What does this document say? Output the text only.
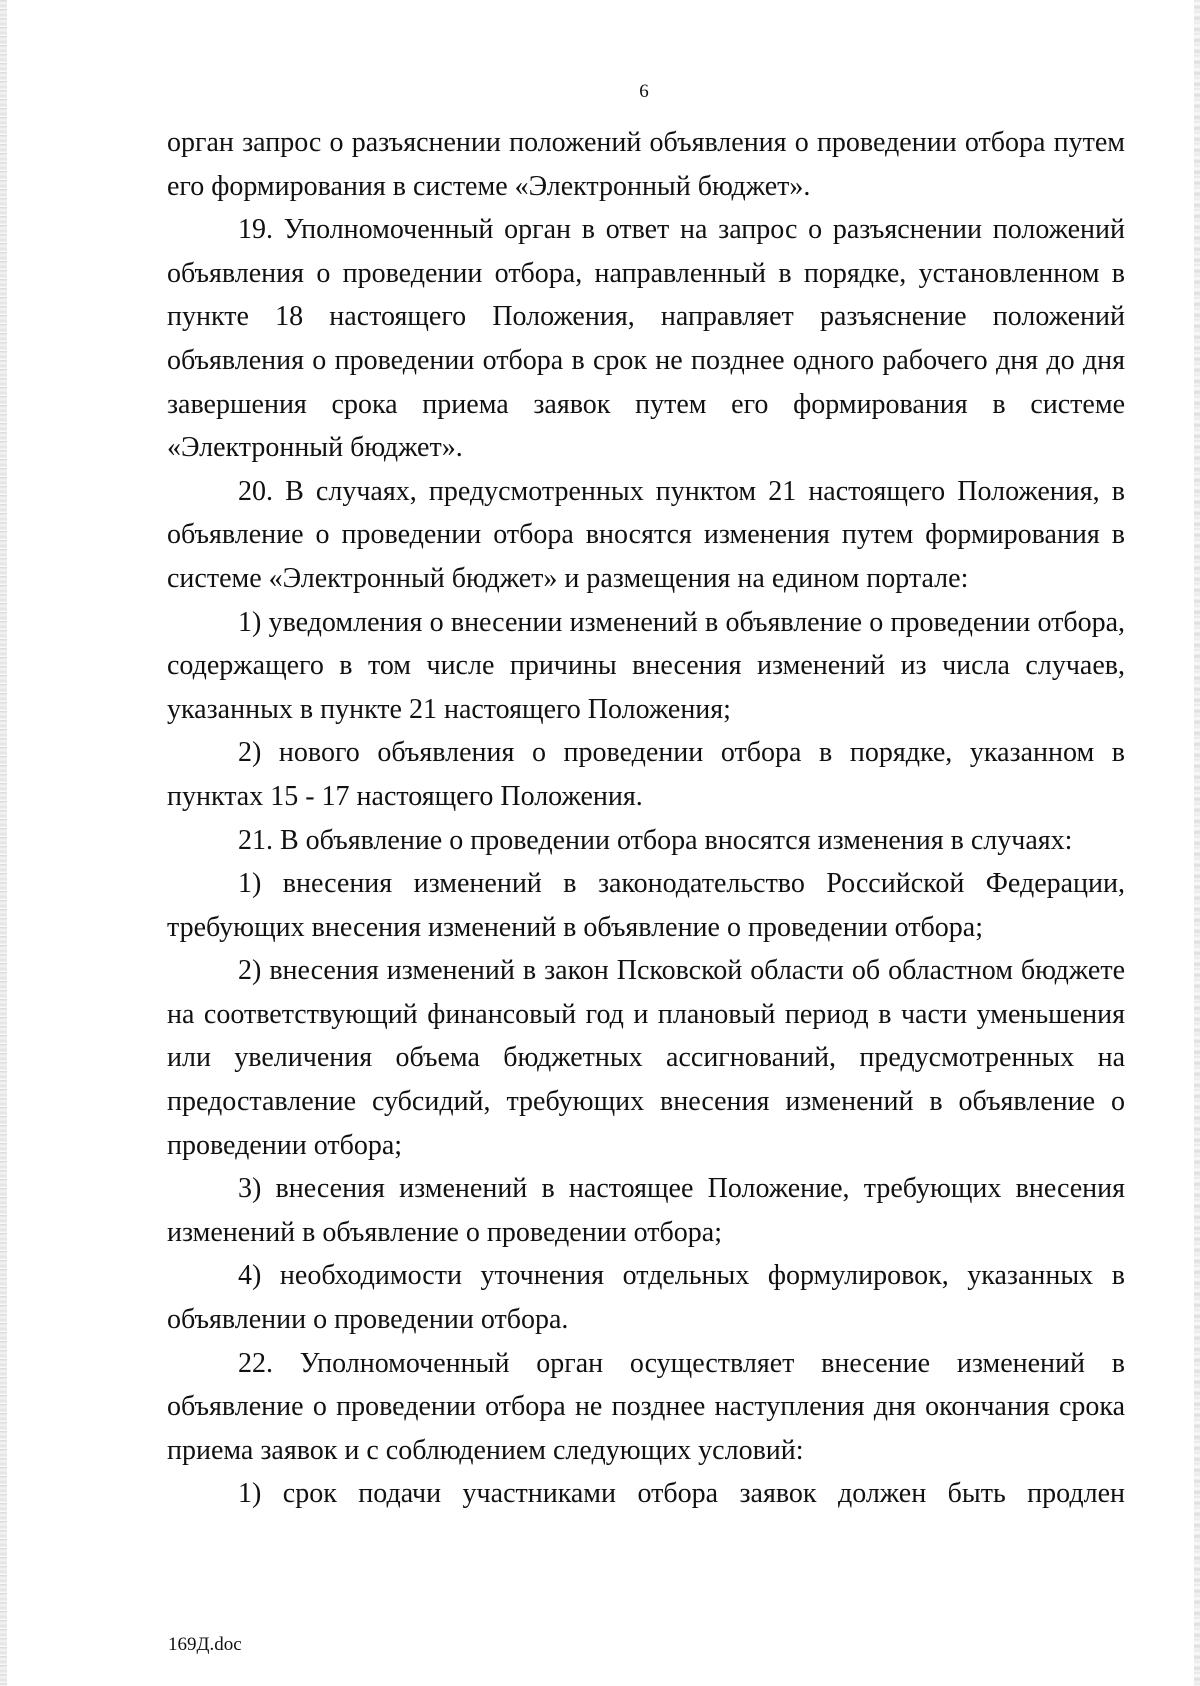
6

орган запрос о разъяснении положений объявления о проведении отбора путем его формирования в системе «Электронный бюджет».

19. Уполномоченный орган в ответ на запрос о разъяснении положений объявления о проведении отбора, направленный в порядке, установленном в пункте 18 настоящего Положения, направляет разъяснение положений объявления о проведении отбора в срок не позднее одного рабочего дня до дня завершения срока приема заявок путем его формирования в системе «Электронный бюджет».

20. В случаях, предусмотренных пунктом 21 настоящего Положения, в объявление о проведении отбора вносятся изменения путем формирования в системе «Электронный бюджет» и размещения на едином портале:

1) уведомления о внесении изменений в объявление о проведении отбора, содержащего в том числе причины внесения изменений из числа случаев, указанных в пункте 21 настоящего Положения;

2) нового объявления о проведении отбора в порядке, указанном в пунктах 15 - 17 настоящего Положения.

21. В объявление о проведении отбора вносятся изменения в случаях:

1) внесения изменений в законодательство Российской Федерации, требующих внесения изменений в объявление о проведении отбора;

2) внесения изменений в закон Псковской области об областном бюджете на соответствующий финансовый год и плановый период в части уменьшения или увеличения объема бюджетных ассигнований, предусмотренных на предоставление субсидий, требующих внесения изменений в объявление о проведении отбора;

3) внесения изменений в настоящее Положение, требующих внесения изменений в объявление о проведении отбора;

4) необходимости уточнения отдельных формулировок, указанных в объявлении о проведении отбора.

22. Уполномоченный орган осуществляет внесение изменений в объявление о проведении отбора не позднее наступления дня окончания срока приема заявок и с соблюдением следующих условий:

1) срок подачи участниками отбора заявок должен быть продлен

169Д.doc
